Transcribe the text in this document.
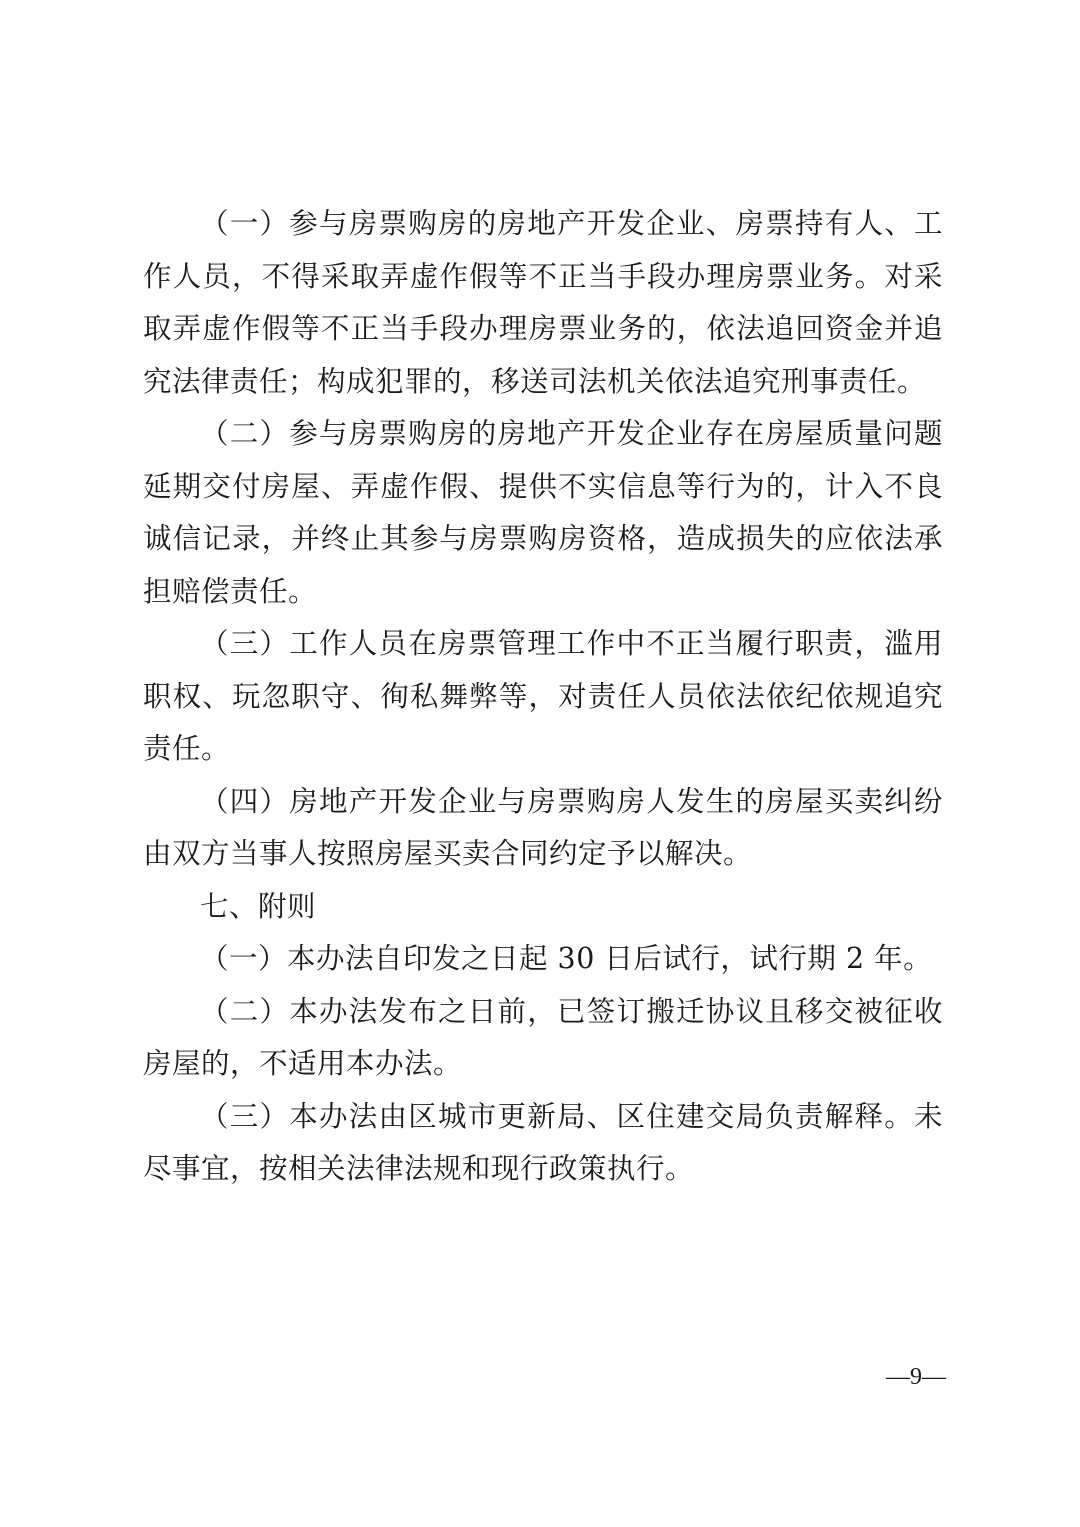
（一）参与房票购房的房地产开发企业、房票持有人、工作人员，不得采取弄虚作假等不正当手段办理房票业务。对采取弄虚作假等不正当手段办理房票业务的，依法追回资金并追究法律责任；构成犯罪的，移送司法机关依法追究刑事责任。

（二）参与房票购房的房地产开发企业存在房屋质量问题延期交付房屋、弄虚作假、提供不实信息等行为的，计入不良诚信记录，并终止其参与房票购房资格，造成损失的应依法承担赔偿责任。

（三）工作人员在房票管理工作中不正当履行职责，滥用职权、玩忽职守、徇私舞弊等，对责任人员依法依纪依规追究责任。

（四）房地产开发企业与房票购房人发生的房屋买卖纠纷由双方当事人按照房屋买卖合同约定予以解决。

七、附则

（一）本办法自印发之日起 30 日后试行，试行期 2 年。

（二）本办法发布之日前，已签订搬迁协议且移交被征收房屋的，不适用本办法。

（三）本办法由区城市更新局、区住建交局负责解释。未尽事宜，按相关法律法规和现行政策执行。

—9—
